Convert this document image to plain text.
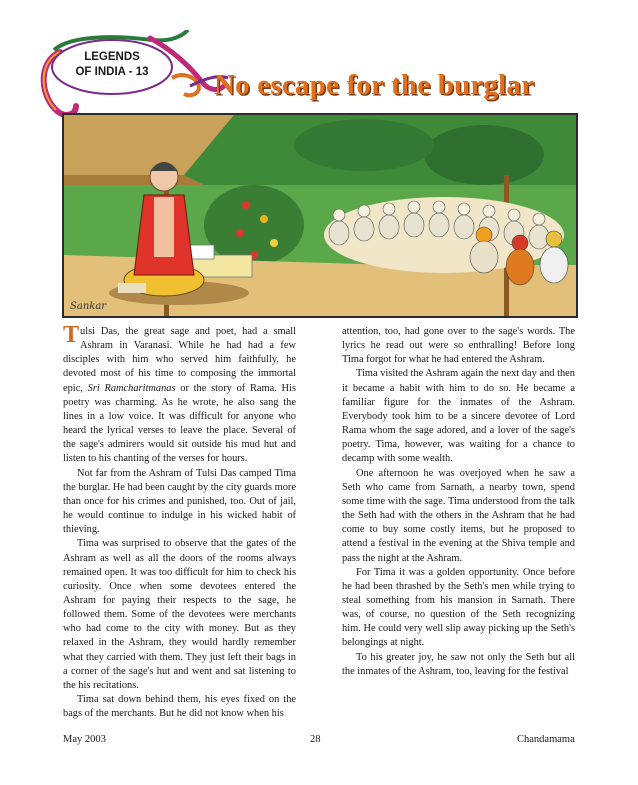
LEGENDS
OF INDIA - 13	No escape for the burglar
Sankar

Tulsi Das, the great sage and poet, had a small Ashram in Varanasi. While he had had a few disciples with him who served him faithfully, he devoted most of his time to composing the immortal epic, Sri Ramcharitmanas or the story of Rama. His poetry was charming. As he wrote, he also sang the lines in a low voice. It was difficult for anyone who heard the lyrical verses to leave the place. Several of the sage's admirers would sit outside his mud hut and listen to his chanting of the verses for hours.

Not far from the Ashram of Tulsi Das camped Tima the burglar. He had been caught by the city guards more than once for his crimes and punished, too. Out of jail, he would continue to indulge in his wicked habit of thieving.

Tima was surprised to observe that the gates of the Ashram as well as all the doors of the rooms always remained open. It was too difficult for him to check his curiosity. Once when some devotees entered the Ashram for paying their respects to the sage, he followed them. Some of the devotees were merchants who had come to the city with money. But as they relaxed in the Ashram, they would hardly remember what they carried with them. They just left their bags in a corner of the sage's hut and went and sat listening to the his recitations.

Tima sat down behind them, his eyes fixed on the bags of the merchants. But he did not know when his

attention, too, had gone over to the sage's words. The lyrics he read out were so enthralling! Before long Tima forgot for what he had entered the Ashram.

Tima visited the Ashram again the next day and then it became a habit with him to do so. He became a familiar figure for the inmates of the Ashram. Everybody took him to be a sincere devotee of Lord Rama whom the sage adored, and a lover of the sage's poetry. Tima, however, was waiting for a chance to decamp with some wealth.

One afternoon he was overjoyed when he saw a Seth who came from Sarnath, a nearby town, spend some time with the sage. Tima understood from the talk the Seth had with the others in the Ashram that he had come to buy some costly items, but he proposed to attend a festival in the evening at the Shiva temple and pass the night at the Ashram.

For Tima it was a golden opportunity. Once before he had been thrashed by the Seth's men while trying to steal something from his mansion in Sarnath. There was, of course, no question of the Seth recognizing him. He could very well slip away picking up the Seth's belongings at night.

To his greater joy, he saw not only the Seth but all the inmates of the Ashram, too, leaving for the festival

May 2003	28	Chandamama
